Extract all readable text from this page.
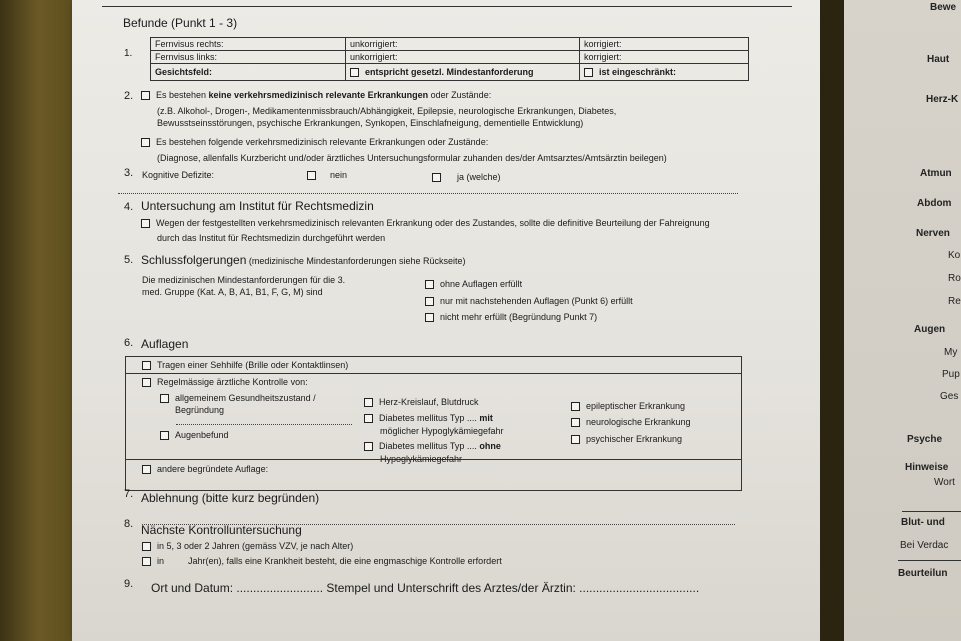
Befunde (Punkt 1 - 3)
1.
Fernvisus rechts:	unkorrigiert:	korrigiert:
Fernvisus links:	unkorrigiert:	korrigiert:
Gesichtsfeld:	entspricht gesetzl. Mindestanforderung	ist eingeschränkt:
2.	Es bestehen keine verkehrsmedizinisch relevante Erkrankungen oder Zustände:
(z.B. Alkohol-, Drogen-, Medikamentenmissbrauch/Abhängigkeit, Epilepsie, neurologische Erkrankungen, Diabetes,
Bewusstseinsstörungen, psychische Erkrankungen, Synkopen, Einschlafneigung, dementielle Entwicklung)
Es bestehen folgende verkehrsmedizinisch relevante Erkrankungen oder Zustände:
(Diagnose, allenfalls Kurzbericht und/oder ärztliches Untersuchungsformular zuhanden des/der Amtsarztes/Amtsärztin beilegen)
3. Kognitive Defizite:	nein	ja (welche)
4. Untersuchung am Institut für Rechtsmedizin
Wegen der festgestellten verkehrsmedizinisch relevanten Erkrankung oder des Zustandes, sollte die definitive Beurteilung der Fahreignung
durch das Institut für Rechtsmedizin durchgeführt werden
5. Schlussfolgerungen (medizinische Mindestanforderungen siehe Rückseite)
Die medizinischen Mindestanforderungen für die 3.
med. Gruppe (Kat. A, B, A1, B1, F, G, M) sind
ohne Auflagen erfüllt
nur mit nachstehenden Auflagen (Punkt 6) erfüllt
nicht mehr erfüllt (Begründung Punkt 7)
6. Auflagen
Tragen einer Sehhilfe (Brille oder Kontaktlinsen)
Regelmässige ärztliche Kontrolle von:
allgemeinem Gesundheitszustand /
Begründung
Augenbefund
Herz-Kreislauf, Blutdruck
Diabetes mellitus Typ .... mit
möglicher Hypoglykämiegefahr
Diabetes mellitus Typ .... ohne
Hypoglykämiegefahr
epileptischer Erkrankung
neurologische Erkrankung
psychischer Erkrankung
andere begründete Auflage:
7. Ablehnung (bitte kurz begründen)
8. Nächste Kontrolluntersuchung
in 5, 3 oder 2 Jahren (gemäss VZV, je nach Alter)
in	Jahr(en), falls eine Krankheit besteht, die eine engmaschige Kontrolle erfordert
9. Ort und Datum: .......................... Stempel und Unterschrift des Arztes/der Ärztin: ....................................
Bewe
Haut
Herz-K
Atmun
Abdom
Nerven
Ko
Ro
Re
Augen
My
Pup
Ges
Psyche
Hinweise
Wort
Blut- und
Bei Verdac
Beurteilun
